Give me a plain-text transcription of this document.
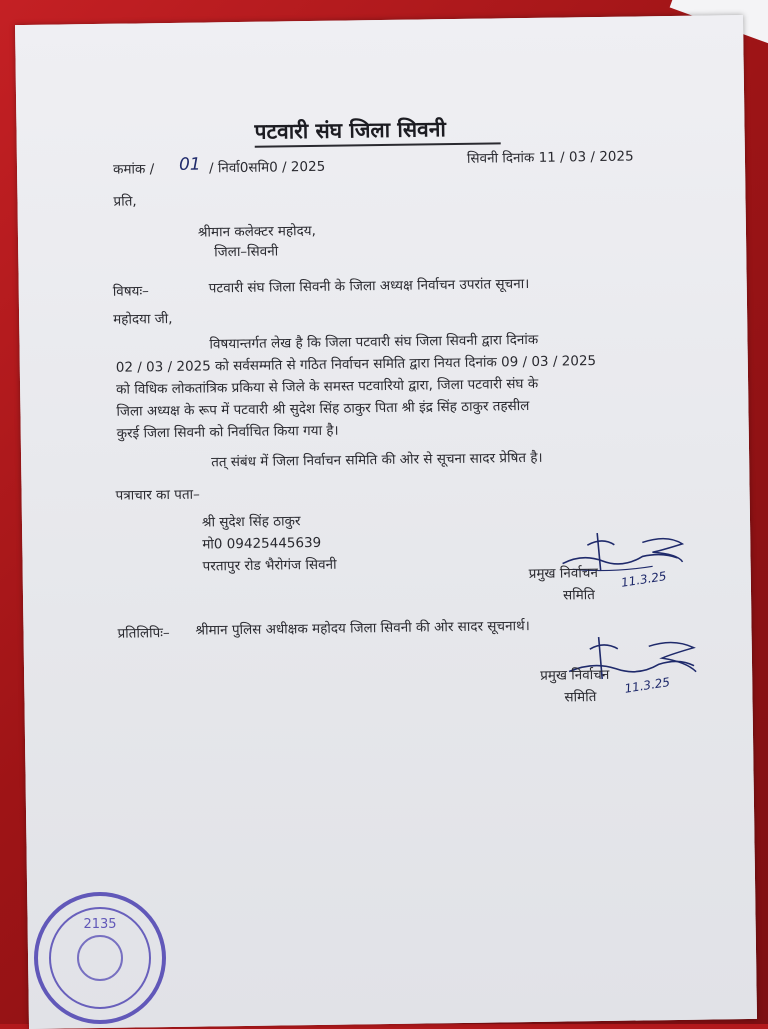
पटवारी संघ जिला सिवनी
कमांक / 01 / निर्वा0समि0 / 2025
सिवनी दिनांक 11 / 03 / 2025
प्रति,
श्रीमान कलेक्टर महोदय,
जिला–सिवनी
विषयः–	पटवारी संघ जिला सिवनी के जिला अध्यक्ष निर्वाचन उपरांत सूचना।
महोदया जी,
विषयान्तर्गत लेख है कि जिला पटवारी संघ जिला सिवनी द्वारा दिनांक
02 / 03 / 2025 को सर्वसम्मति से गठित निर्वाचन समिति द्वारा नियत दिनांक 09 / 03 / 2025
को विधिक लोकतांत्रिक प्रकिया से जिले के समस्त पटवारियो द्वारा, जिला पटवारी संघ के
जिला अध्यक्ष के रूप में पटवारी श्री सुदेश सिंह ठाकुर पिता श्री इंद्र सिंह ठाकुर तहसील
कुरई जिला सिवनी को निर्वाचित किया गया है।
तत् संबंध में जिला निर्वाचन समिति की ओर से सूचना सादर प्रेषित है।
पत्राचार का पता–
श्री सुदेश सिंह ठाकुर
मो0 09425445639
परतापुर रोड भैरोगंज सिवनी	प्रमुख निर्वाचन
समिति
11.3.25
प्रतिलिपिः– श्रीमान पुलिस अधीक्षक महोदय जिला सिवनी की ओर सादर सूचनार्थ।
प्रमुख निर्वाचन
समिति
11.3.25
2135
